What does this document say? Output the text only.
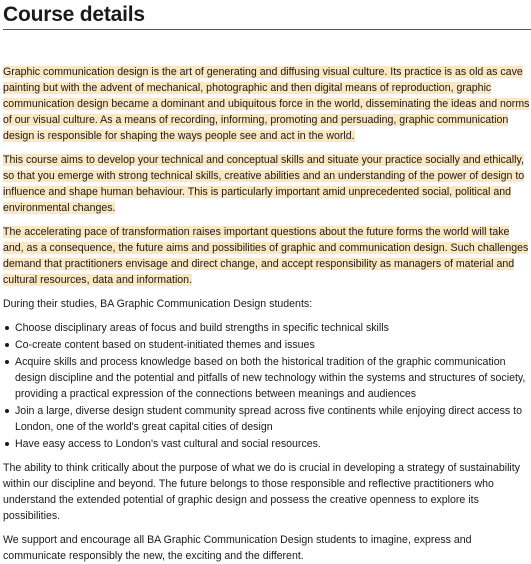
Course details

Graphic communication design is the art of generating and diffusing visual culture. Its practice is as old as cave painting but with the advent of mechanical, photographic and then digital means of reproduction, graphic communication design became a dominant and ubiquitous force in the world, disseminating the ideas and norms of our visual culture. As a means of recording, informing, promoting and persuading, graphic communication design is responsible for shaping the ways people see and act in the world.

This course aims to develop your technical and conceptual skills and situate your practice socially and ethically, so that you emerge with strong technical skills, creative abilities and an understanding of the power of design to influence and shape human behaviour. This is particularly important amid unprecedented social, political and environmental changes.

The accelerating pace of transformation raises important questions about the future forms the world will take and, as a consequence, the future aims and possibilities of graphic and communication design. Such challenges demand that practitioners envisage and direct change, and accept responsibility as managers of material and cultural resources, data and information.

During their studies, BA Graphic Communication Design students:

Choose disciplinary areas of focus and build strengths in specific technical skills
Co-create content based on student-initiated themes and issues
Acquire skills and process knowledge based on both the historical tradition of the graphic communication design discipline and the potential and pitfalls of new technology within the systems and structures of society, providing a practical expression of the connections between meanings and audiences
Join a large, diverse design student community spread across five continents while enjoying direct access to London, one of the world's great capital cities of design
Have easy access to London's vast cultural and social resources.

The ability to think critically about the purpose of what we do is crucial in developing a strategy of sustainability within our discipline and beyond. The future belongs to those responsible and reflective practitioners who understand the extended potential of graphic design and possess the creative openness to explore its possibilities.

We support and encourage all BA Graphic Communication Design students to imagine, express and communicate responsibly the new, the exciting and the different.
